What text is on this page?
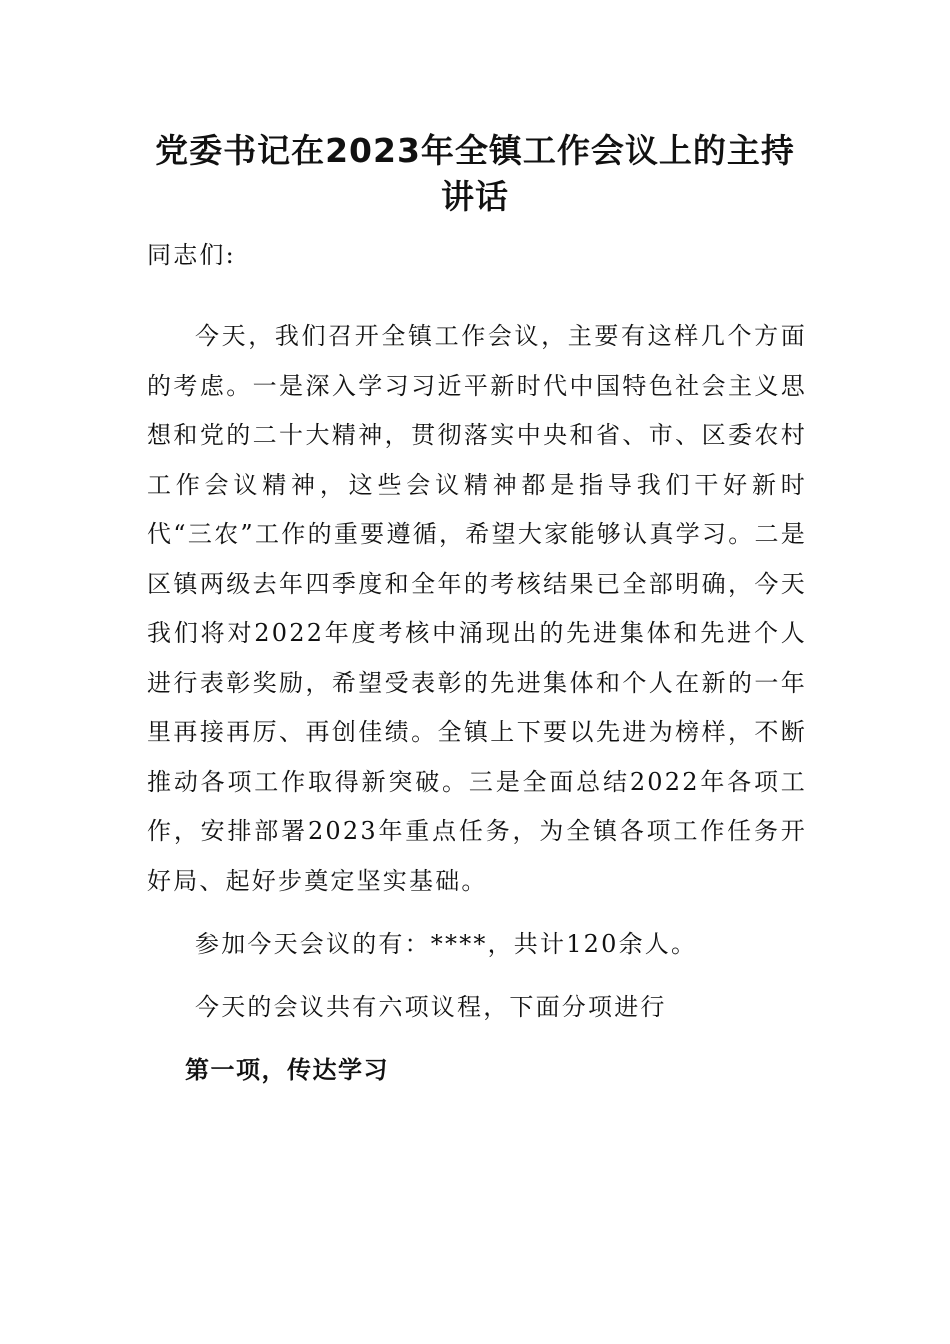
党委书记在2023年全镇工作会议上的主持
讲话

同志们:

今天，我们召开全镇工作会议，主要有这样几个方面的考虑。一是深入学习习近平新时代中国特色社会主义思想和党的二十大精神，贯彻落实中央和省、市、区委农村工作会议精神，这些会议精神都是指导我们干好新时代“三农”工作的重要遵循，希望大家能够认真学习。二是区镇两级去年四季度和全年的考核结果已全部明确，今天我们将对2022年度考核中涌现出的先进集体和先进个人进行表彰奖励，希望受表彰的先进集体和个人在新的一年里再接再厉、再创佳绩。全镇上下要以先进为榜样，不断推动各项工作取得新突破。三是全面总结2022年各项工作，安排部署2023年重点任务，为全镇各项工作任务开好局、起好步奠定坚实基础。

参加今天会议的有：****，共计120余人。

今天的会议共有六项议程，下面分项进行

第一项，传达学习
